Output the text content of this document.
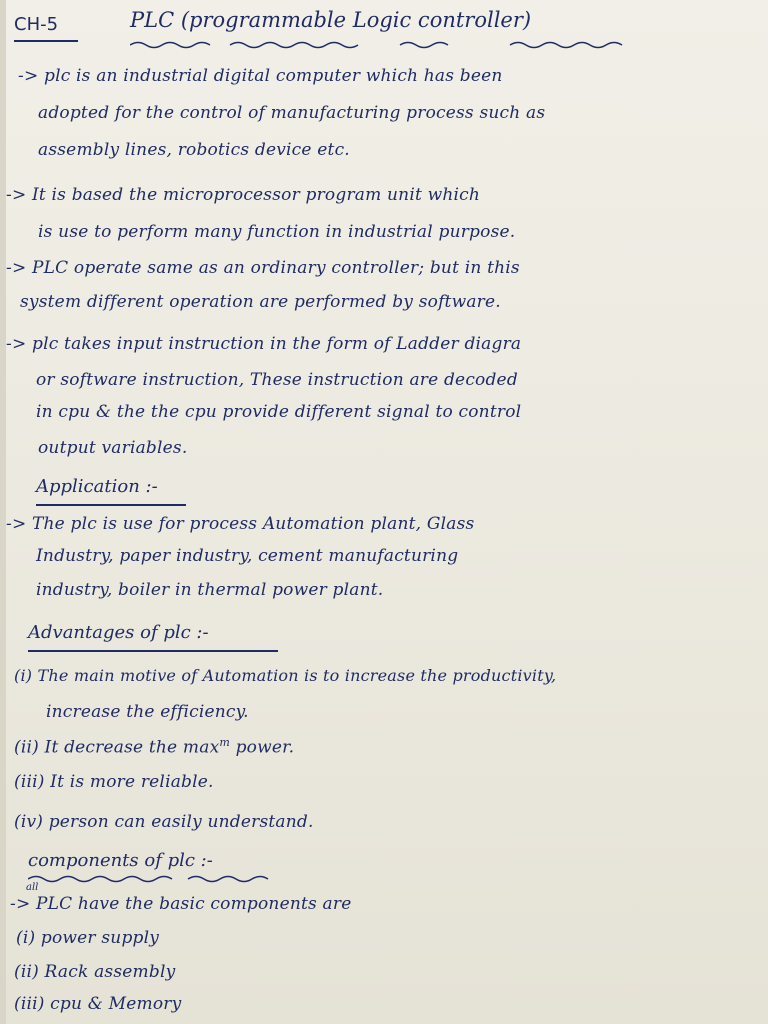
CH-5	PLC (programmable Logic controller)
-> plc is an industrial digital computer which has been
adopted for the control of manufacturing process such as
assembly lines, robotics device etc.
-> It is based the microprocessor program unit which
is use to perform many function in industrial purpose.
-> PLC operate same as an ordinary controller; but in this
system different operation are performed by software.
-> plc takes input instruction in the form of Ladder diagra
or software instruction, These instruction are decoded
in cpu & the the cpu provide different signal to control
output variables.
Application :-
-> The plc is use for process Automation plant, Glass
Industry, paper industry, cement manufacturing
industry, boiler in thermal power plant.
Advantages of plc :-
(i) The main motive of Automation is to increase the productivity,
increase the efficiency.
(ii) It decrease the $\max^m$ power.
(iii) It is more reliable.
(iv) person can easily understand.
components of plc :-
all
-> PLC have the basic components are
(i) power supply
(ii) Rack assembly
(iii) cpu & Memory
